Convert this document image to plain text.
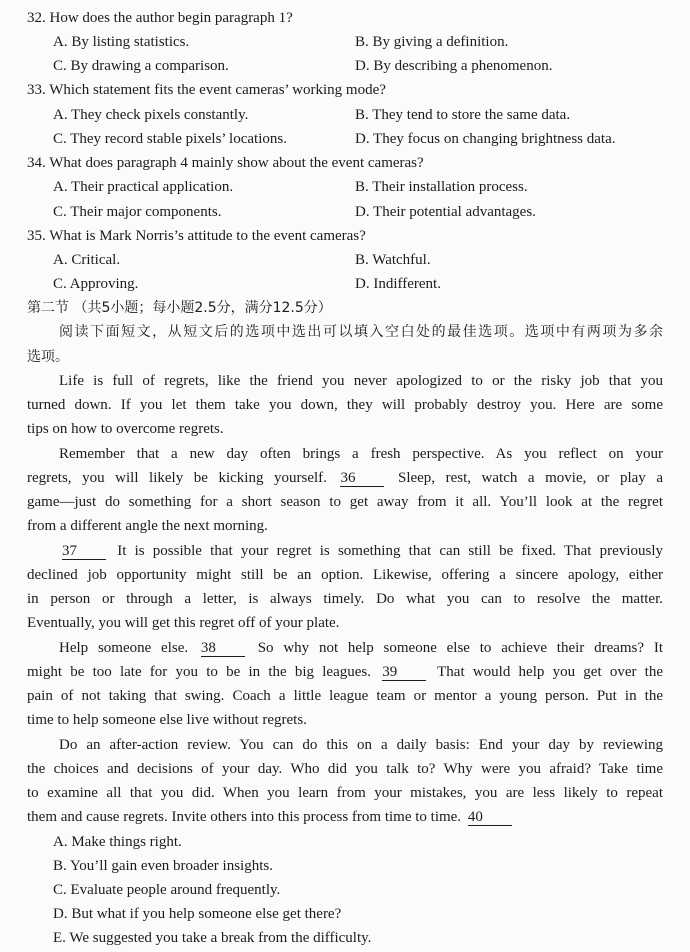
32. How does the author begin paragraph 1?
A. By listing statistics.	B. By giving a definition.
C. By drawing a comparison.	D. By describing a phenomenon.
33. Which statement fits the event cameras’ working mode?
A. They check pixels constantly.	B. They tend to store the same data.
C. They record stable pixels’ locations.	D. They focus on changing brightness data.
34. What does paragraph 4 mainly show about the event cameras?
A. Their practical application.	B. Their installation process.
C. Their major components.	D. Their potential advantages.
35. What is Mark Norris’s attitude to the event cameras?
A. Critical.	B. Watchful.
C. Approving.	D. Indifferent.
第二节 （共5小题；每小题2.5分，满分12.5分）
阅读下面短文，从短文后的选项中选出可以填入空白处的最佳选项。选项中有两项为多余
选项。
Life is full of regrets, like the friend you never apologized to or the risky job that you
turned down. If you let them take you down, they will probably destroy you. Here are some
tips on how to overcome regrets.
Remember that a new day often brings a fresh perspective. As you reflect on your
regrets, you will likely be kicking yourself. 36	Sleep, rest, watch a movie, or play a
game—just do something for a short season to get away from it all. You’ll look at the regret
from a different angle the next morning.
37	It is possible that your regret is something that can still be fixed. That previously
declined job opportunity might still be an option. Likewise, offering a sincere apology, either
in person or through a letter, is always timely. Do what you can to resolve the matter.
Eventually, you will get this regret off of your plate.
Help someone else. 38	So why not help someone else to achieve their dreams? It
might be too late for you to be in the big leagues. 39	That would help you get over the
pain of not taking that swing. Coach a little league team or mentor a young person. Put in the
time to help someone else live without regrets.
Do an after-action review. You can do this on a daily basis: End your day by reviewing
the choices and decisions of your day. Who did you talk to? Why were you afraid? Take time
to examine all that you did. When you learn from your mistakes, you are less likely to repeat
them and cause regrets. Invite others into this process from time to time. 40
A. Make things right.
B. You’ll gain even broader insights.
C. Evaluate people around frequently.
D. But what if you help someone else get there?
E. We suggested you take a break from the difficulty.
